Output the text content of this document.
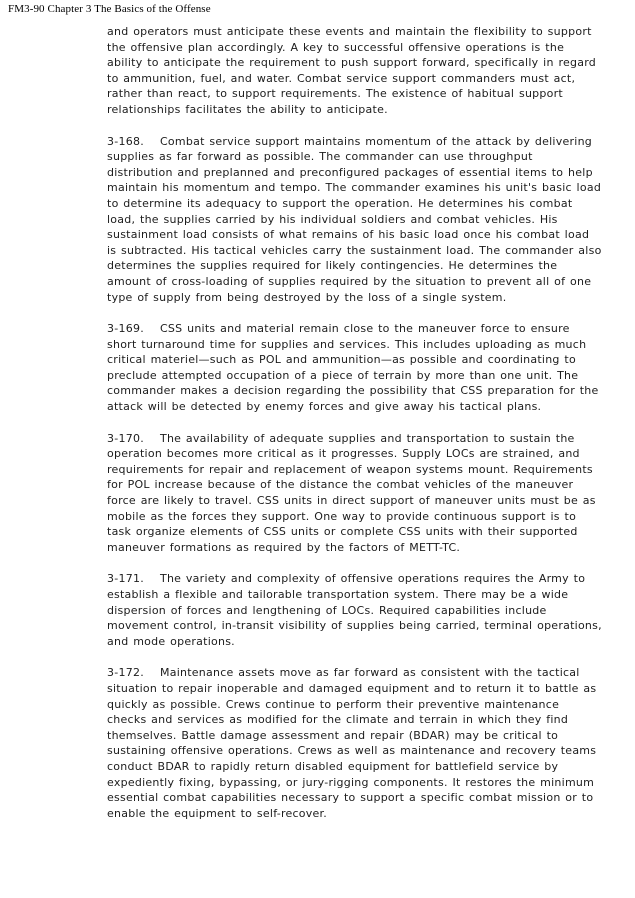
FM3-90 Chapter 3 The Basics of the Offense

and operators must anticipate these events and maintain the flexibility to support the offensive plan accordingly. A key to successful offensive operations is the ability to anticipate the requirement to push support forward, specifically in regard to ammunition, fuel, and water. Combat service support commanders must act, rather than react, to support requirements. The existence of habitual support relationships facilitates the ability to anticipate.

3-168. Combat service support maintains momentum of the attack by delivering supplies as far forward as possible. The commander can use throughput distribution and preplanned and preconfigured packages of essential items to help maintain his momentum and tempo. The commander examines his unit's basic load to determine its adequacy to support the operation. He determines his combat load, the supplies carried by his individual soldiers and combat vehicles. His sustainment load consists of what remains of his basic load once his combat load is subtracted. His tactical vehicles carry the sustainment load. The commander also determines the supplies required for likely contingencies. He determines the amount of cross-loading of supplies required by the situation to prevent all of one type of supply from being destroyed by the loss of a single system.

3-169. CSS units and material remain close to the maneuver force to ensure short turnaround time for supplies and services. This includes uploading as much critical materiel—such as POL and ammunition—as possible and coordinating to preclude attempted occupation of a piece of terrain by more than one unit. The commander makes a decision regarding the possibility that CSS preparation for the attack will be detected by enemy forces and give away his tactical plans.

3-170. The availability of adequate supplies and transportation to sustain the operation becomes more critical as it progresses. Supply LOCs are strained, and requirements for repair and replacement of weapon systems mount. Requirements for POL increase because of the distance the combat vehicles of the maneuver force are likely to travel. CSS units in direct support of maneuver units must be as mobile as the forces they support. One way to provide continuous support is to task organize elements of CSS units or complete CSS units with their supported maneuver formations as required by the factors of METT-TC.

3-171. The variety and complexity of offensive operations requires the Army to establish a flexible and tailorable transportation system. There may be a wide dispersion of forces and lengthening of LOCs. Required capabilities include movement control, in-transit visibility of supplies being carried, terminal operations, and mode operations.

3-172. Maintenance assets move as far forward as consistent with the tactical situation to repair inoperable and damaged equipment and to return it to battle as quickly as possible. Crews continue to perform their preventive maintenance checks and services as modified for the climate and terrain in which they find themselves. Battle damage assessment and repair (BDAR) may be critical to sustaining offensive operations. Crews as well as maintenance and recovery teams conduct BDAR to rapidly return disabled equipment for battlefield service by expediently fixing, bypassing, or jury-rigging components. It restores the minimum essential combat capabilities necessary to support a specific combat mission or to enable the equipment to self-recover.
